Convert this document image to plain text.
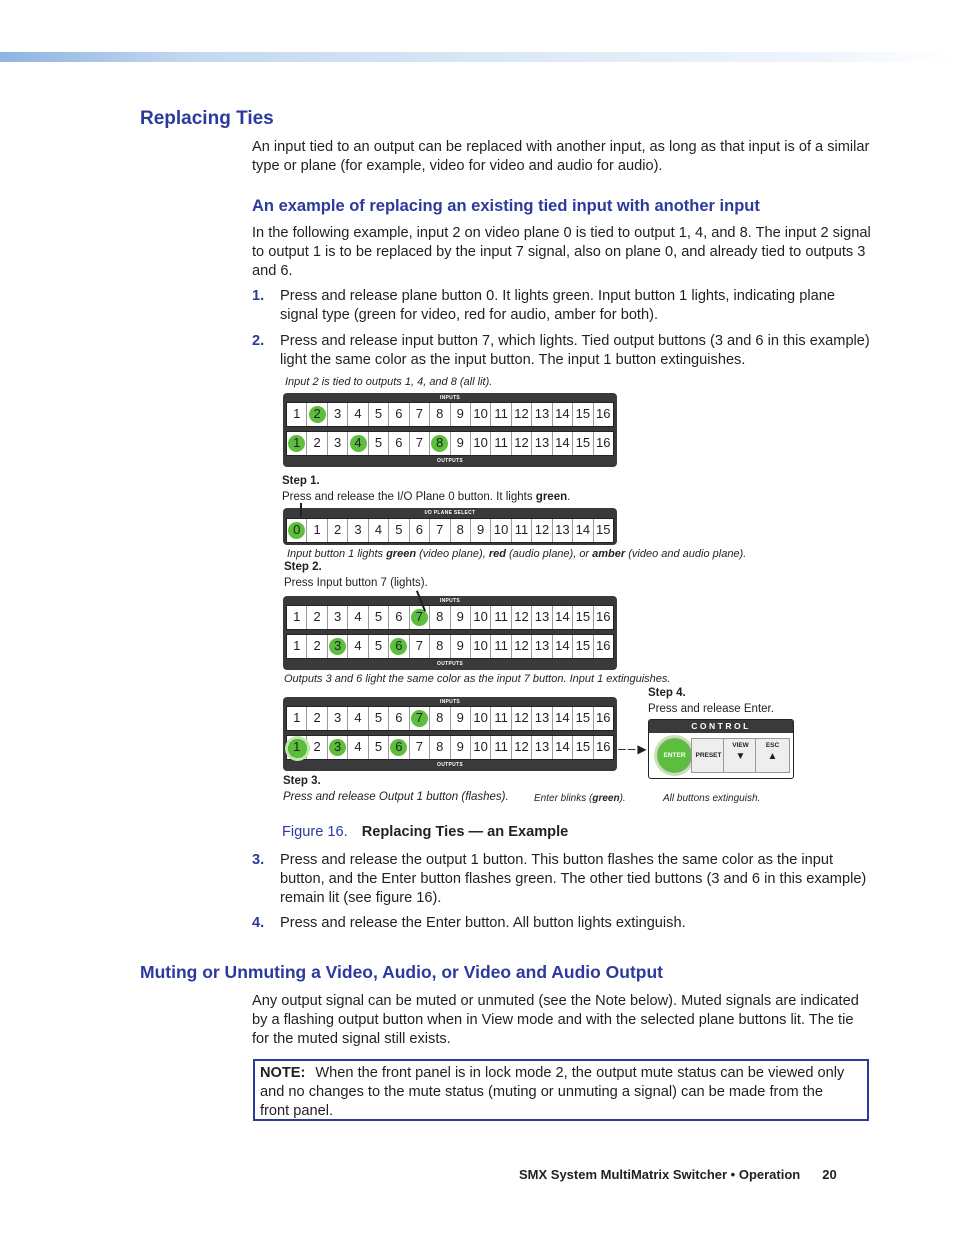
Replacing Ties

An input tied to an output can be replaced with another input, as long as that input is of a similar type or plane (for example, video for video and audio for audio).

An example of replacing an existing tied input with another input

In the following example, input 2 on video plane 0 is tied to output 1, 4, and 8. The input 2 signal to output 1 is to be replaced by the input 7 signal, also on plane 0, and already tied to outputs 3 and 6.

1. Press and release plane button 0. It lights green. Input button 1 lights, indicating plane signal type (green for video, red for audio, amber for both).
2. Press and release input button 7, which lights. Tied output buttons (3 and 6 in this example) light the same color as the input button. The input 1 button extinguishes.
Input 2 is tied to outputs 1, 4, and 8 (all lit).
INPUTS
1	2	3	4	5	6	7	8	9 10 11 12 13 14 15 16
1	2	3	4	5	6	7	8	9 10 11 12 13 14 15 16
OUTPUTS
Step 1.
Press and release the I/O Plane 0 button. It lights green.
I/O PLANE SELECT
0	1	2	3	4	5	6	7	8	9 10 11 12 13 14 15
Input button 1 lights green (video plane), red (audio plane), or amber (video and audio plane).
Step 2.
Press Input button 7 (lights).
INPUTS
1	2	3	4	5	6	7	8	9 10 11 12 13 14 15 16
1	2	3	4	5	6	7	8	9 10 11 12 13 14 15 16
OUTPUTS
Outputs 3 and 6 light the same color as the input 7 button. Input 1 extinguishes.
Step 4.
Press and release Enter.
INPUTS
1	2	3	4	5	6	7	8	9 10 11 12 13 14 15 16
1	2	3	4	5	6	7	8	9 10 11 12 13 14 15 16
OUTPUTS
– – ▶
CONTROL
ENTER	PRESET
VIEW
▼
ESC
▲
Step 3.
Press and release Output 1 button (flashes).	Enter blinks (green).	All buttons extinguish.
Figure 16. Replacing Ties — an Example
3. Press and release the output 1 button. This button flashes the same color as the input button, and the Enter button flashes green. The other tied buttons (3 and 6 in this example) remain lit (see figure 16).
4. Press and release the Enter button. All button lights extinguish.
Muting or Unmuting a Video, Audio, or Video and Audio Output

Any output signal can be muted or unmuted (see the Note below). Muted signals are indicated by a flashing output button when in View mode and with the selected plane buttons lit. The tie for the muted signal still exists.

NOTE: When the front panel is in lock mode 2, the output mute status can be viewed only and no changes to the mute status (muting or unmuting a signal) can be made from the front panel.
SMX System MultiMatrix Switcher • Operation 20
